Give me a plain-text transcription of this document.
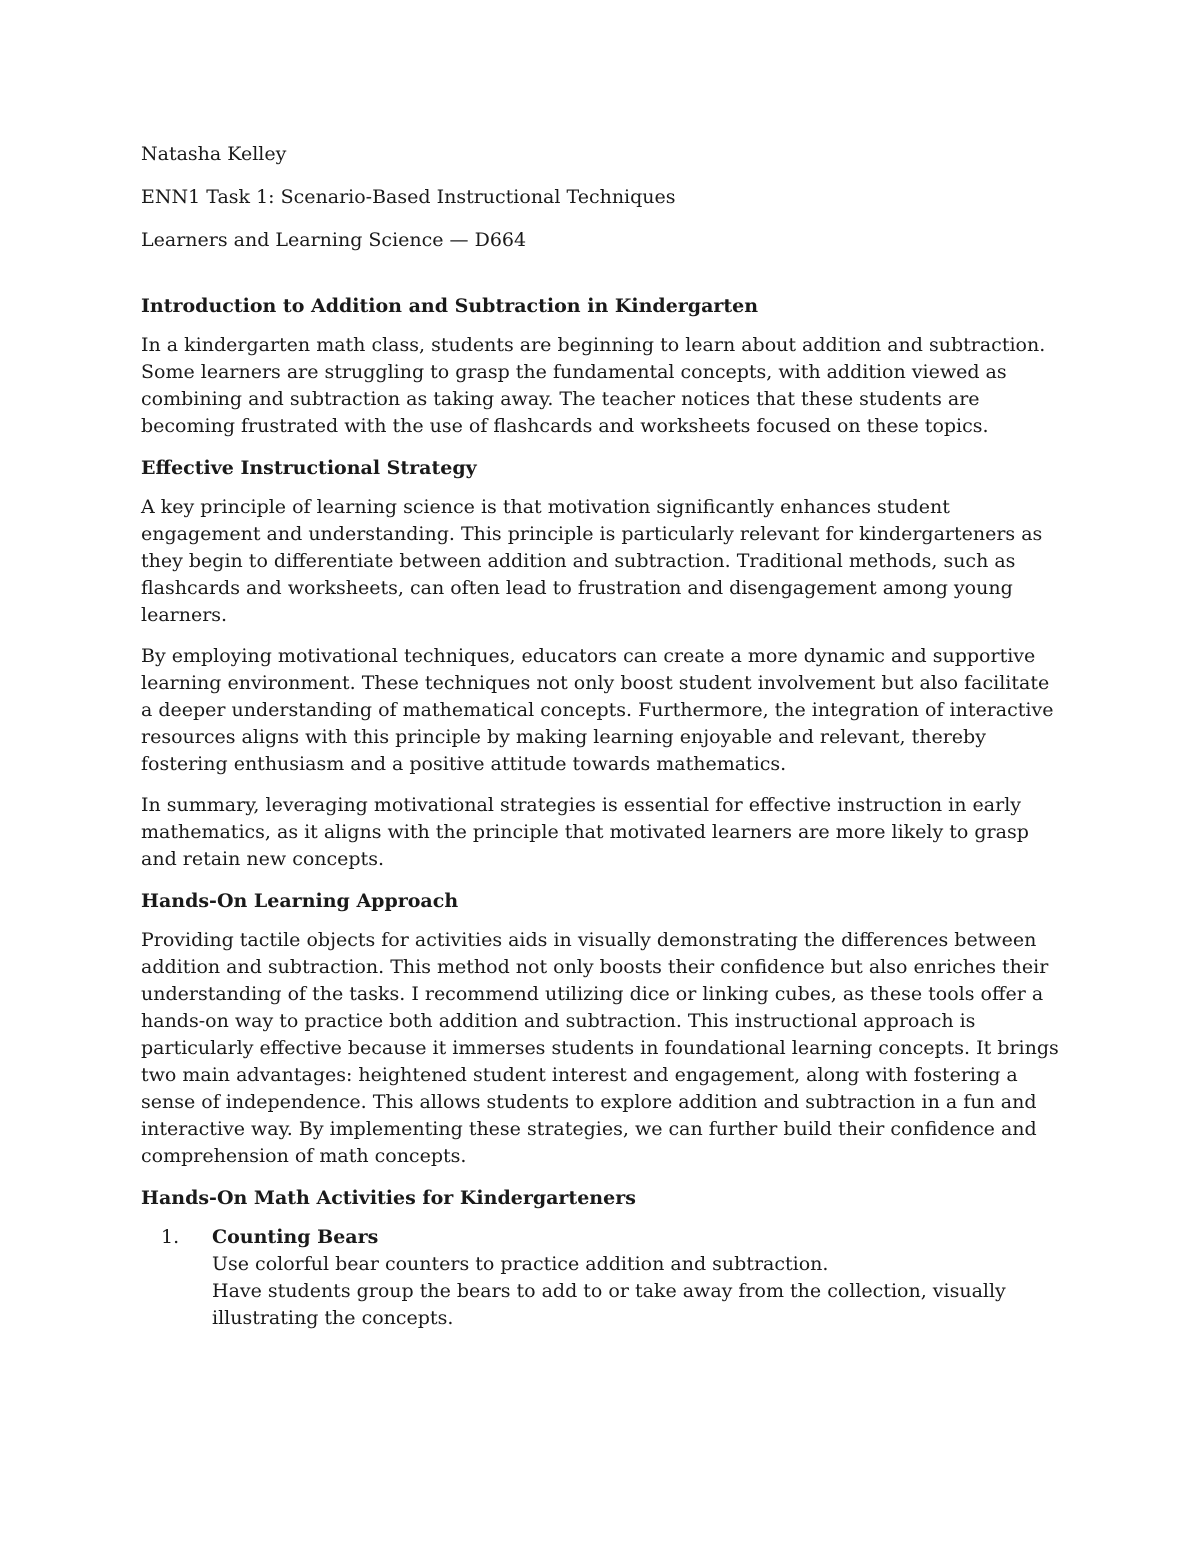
Natasha Kelley
ENN1 Task 1: Scenario-Based Instructional Techniques
Learners and Learning Science — D664
Introduction to Addition and Subtraction in Kindergarten

In a kindergarten math class, students are beginning to learn about addition and subtraction. Some learners are struggling to grasp the fundamental concepts, with addition viewed as combining and subtraction as taking away. The teacher notices that these students are becoming frustrated with the use of flashcards and worksheets focused on these topics.

Effective Instructional Strategy

A key principle of learning science is that motivation significantly enhances student engagement and understanding. This principle is particularly relevant for kindergarteners as they begin to differentiate between addition and subtraction. Traditional methods, such as flashcards and worksheets, can often lead to frustration and disengagement among young learners.

By employing motivational techniques, educators can create a more dynamic and supportive learning environment. These techniques not only boost student involvement but also facilitate a deeper understanding of mathematical concepts. Furthermore, the integration of interactive resources aligns with this principle by making learning enjoyable and relevant, thereby fostering enthusiasm and a positive attitude towards mathematics.

In summary, leveraging motivational strategies is essential for effective instruction in early mathematics, as it aligns with the principle that motivated learners are more likely to grasp and retain new concepts.

Hands-On Learning Approach

Providing tactile objects for activities aids in visually demonstrating the differences between addition and subtraction. This method not only boosts their confidence but also enriches their understanding of the tasks. I recommend utilizing dice or linking cubes, as these tools offer a hands-on way to practice both addition and subtraction. This instructional approach is particularly effective because it immerses students in foundational learning concepts. It brings two main advantages: heightened student interest and engagement, along with fostering a sense of independence. This allows students to explore addition and subtraction in a fun and interactive way. By implementing these strategies, we can further build their confidence and comprehension of math concepts.

Hands-On Math Activities for Kindergarteners
1. Counting Bears
Use colorful bear counters to practice addition and subtraction.
Have students group the bears to add to or take away from the collection, visually illustrating the concepts.
